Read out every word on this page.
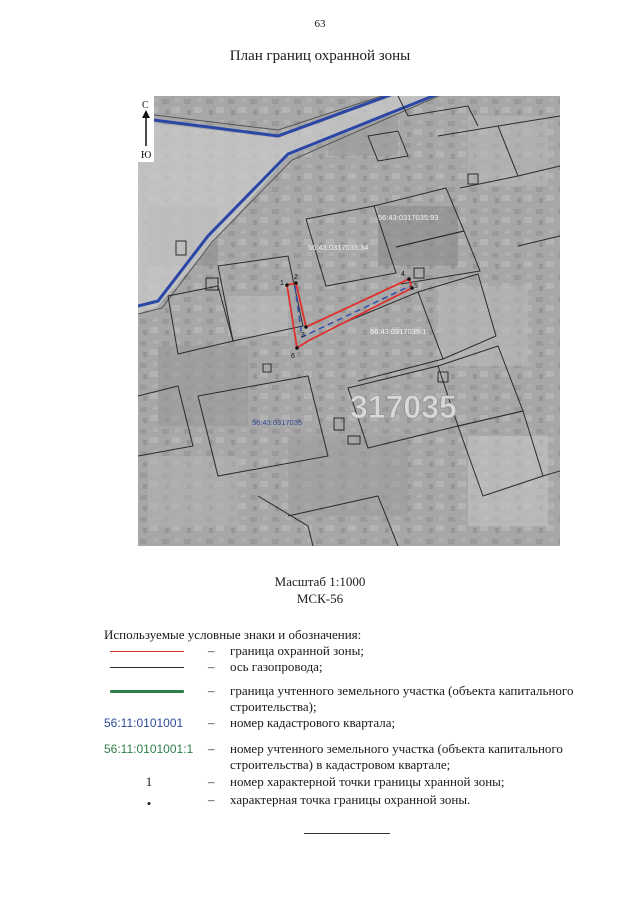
63
План границ охранной зоны
317035
1
2
3
4
5
6
56:43:0317035:93
56:43:0317035:34
56:43:0317035:1
56:43:0317035
С
Ю
Масштаб 1:1000
МСК-56
Используемые условные знаки и обозначения:
–	граница охранной зоны;
–	ось газопровода;
–	граница учтенного земельного участка (объекта капитального строительства);
56:11:0101001	–	номер кадастрового квартала;
56:11:0101001:1	–	номер учтенного земельного участка (объекта капитального строительства) в кадастровом квартале;
1	–	номер характерной точки границы хранной зоны;
•	–	характерная точка границы охранной зоны.
